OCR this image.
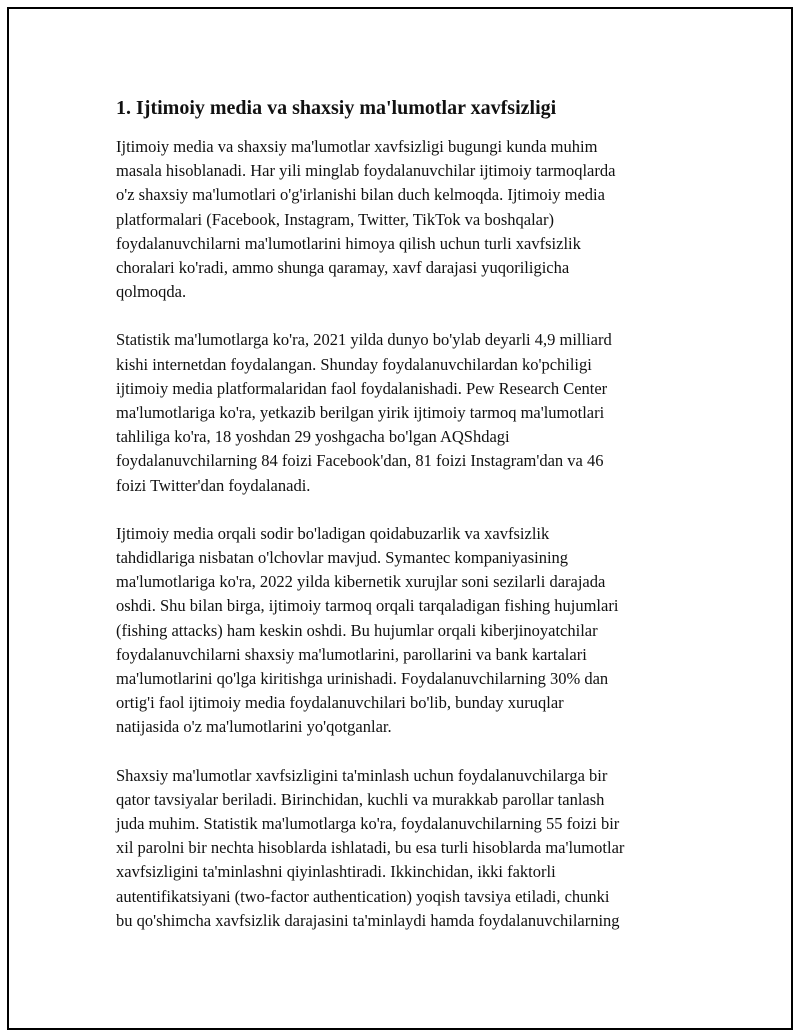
1. Ijtimoiy media va shaxsiy ma'lumotlar xavfsizligi
Ijtimoiy media va shaxsiy ma'lumotlar xavfsizligi bugungi kunda muhim
masala hisoblanadi. Har yili minglab foydalanuvchilar ijtimoiy tarmoqlarda
o'z shaxsiy ma'lumotlari o'g'irlanishi bilan duch kelmoqda. Ijtimoiy media
platformalari (Facebook, Instagram, Twitter, TikTok va boshqalar)
foydalanuvchilarni ma'lumotlarini himoya qilish uchun turli xavfsizlik
choralari ko'radi, ammo shunga qaramay, xavf darajasi yuqoriligicha
qolmoqda.
Statistik ma'lumotlarga ko'ra, 2021 yilda dunyo bo'ylab deyarli 4,9 milliard
kishi internetdan foydalangan. Shunday foydalanuvchilardan ko'pchiligi
ijtimoiy media platformalaridan faol foydalanishadi. Pew Research Center
ma'lumotlariga ko'ra, yetkazib berilgan yirik ijtimoiy tarmoq ma'lumotlari
tahliliga ko'ra, 18 yoshdan 29 yoshgacha bo'lgan AQShdagi
foydalanuvchilarning 84 foizi Facebook'dan, 81 foizi Instagram'dan va 46
foizi Twitter'dan foydalanadi.
Ijtimoiy media orqali sodir bo'ladigan qoidabuzarlik va xavfsizlik
tahdidlariga nisbatan o'lchovlar mavjud. Symantec kompaniyasining
ma'lumotlariga ko'ra, 2022 yilda kibernetik xurujlar soni sezilarli darajada
oshdi. Shu bilan birga, ijtimoiy tarmoq orqali tarqaladigan fishing hujumlari
(fishing attacks) ham keskin oshdi. Bu hujumlar orqali kiberjinoyatchilar
foydalanuvchilarni shaxsiy ma'lumotlarini, parollarini va bank kartalari
ma'lumotlarini qo'lga kiritishga urinishadi. Foydalanuvchilarning 30% dan
ortig'i faol ijtimoiy media foydalanuvchilari bo'lib, bunday xuruqlar
natijasida o'z ma'lumotlarini yo'qotganlar.
Shaxsiy ma'lumotlar xavfsizligini ta'minlash uchun foydalanuvchilarga bir
qator tavsiyalar beriladi. Birinchidan, kuchli va murakkab parollar tanlash
juda muhim. Statistik ma'lumotlarga ko'ra, foydalanuvchilarning 55 foizi bir
xil parolni bir nechta hisoblarda ishlatadi, bu esa turli hisoblarda ma'lumotlar
xavfsizligini ta'minlashni qiyinlashtiradi. Ikkinchidan, ikki faktorli
autentifikatsiyani (two-factor authentication) yoqish tavsiya etiladi, chunki
bu qo'shimcha xavfsizlik darajasini ta'minlaydi hamda foydalanuvchilarning
